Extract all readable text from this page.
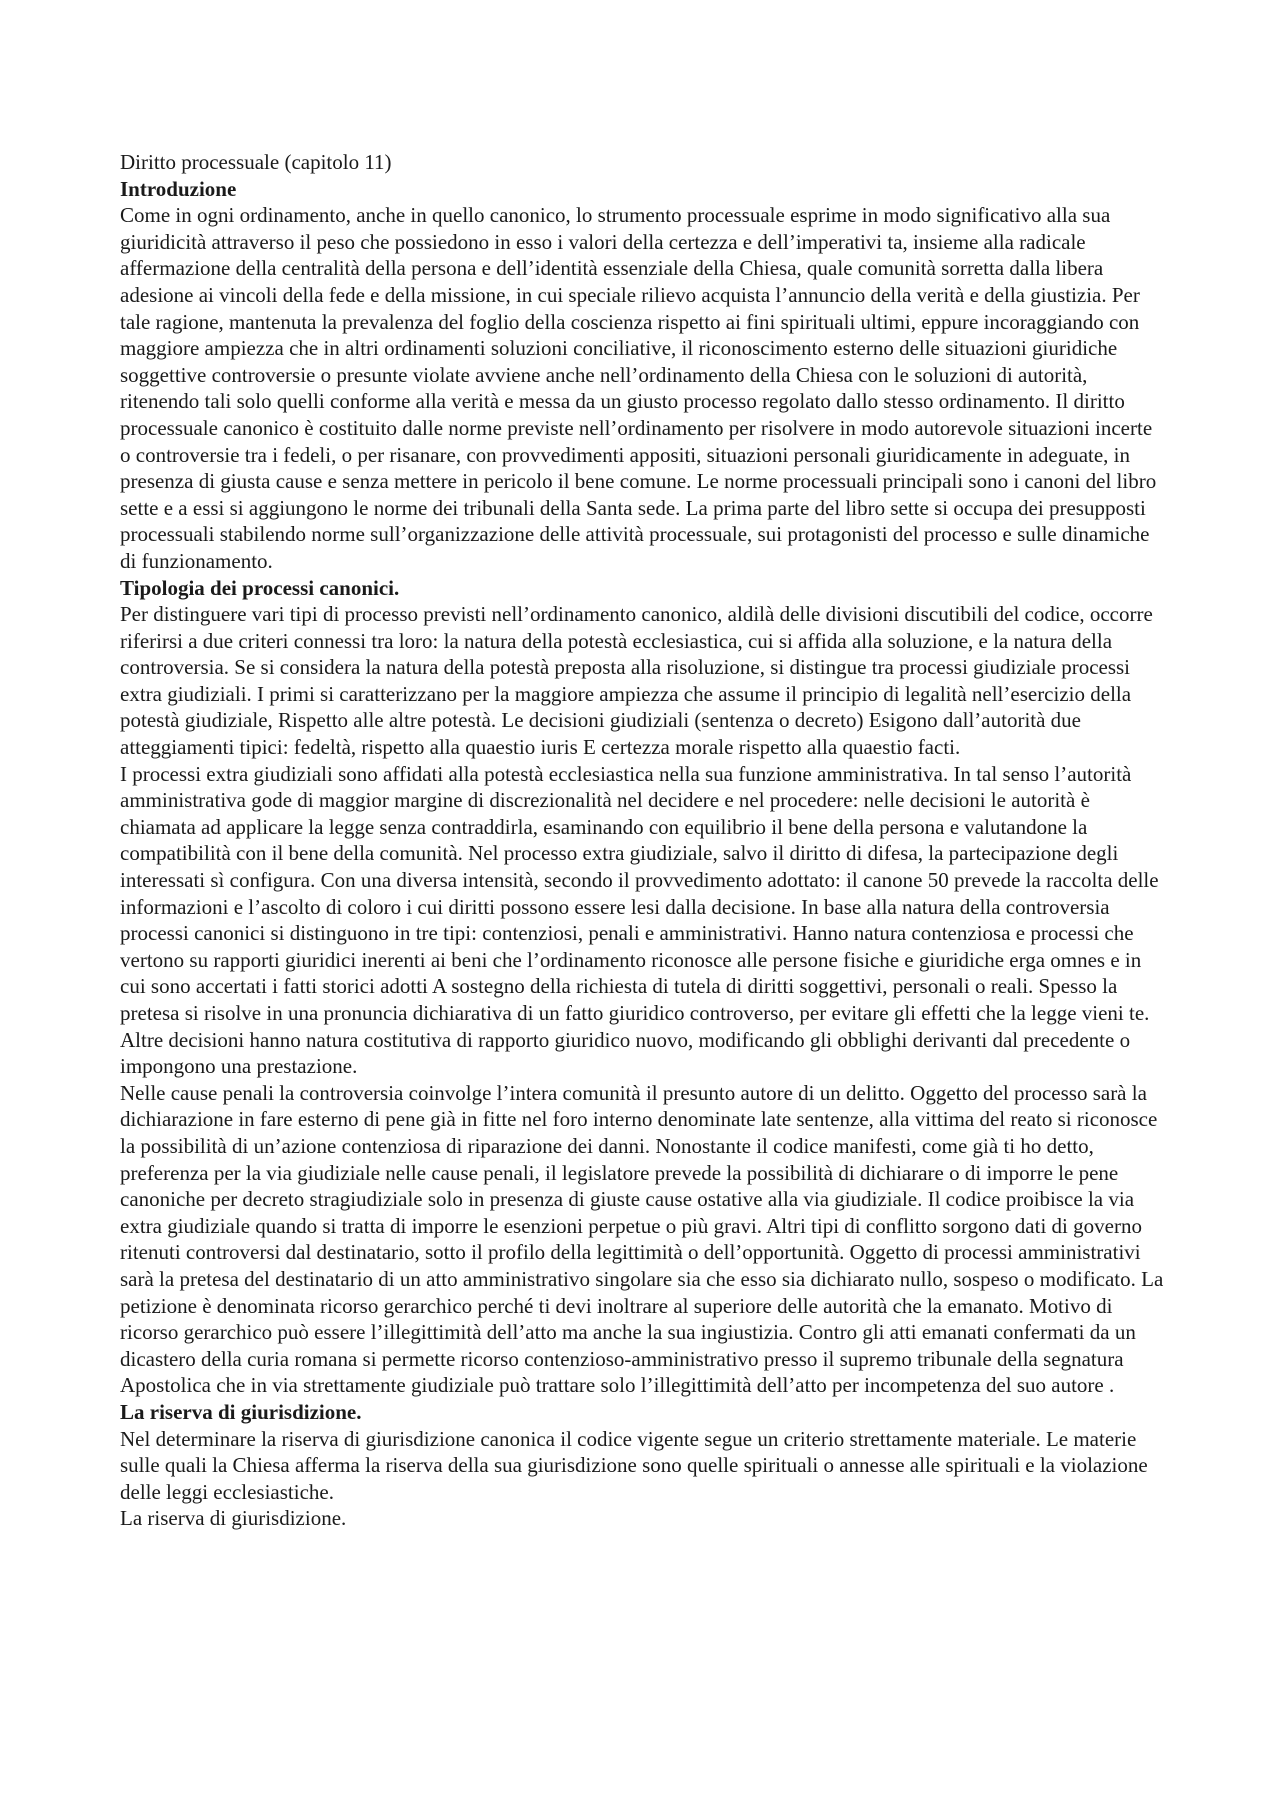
Diritto processuale (capitolo 11)

Introduzione

Come in ogni ordinamento, anche in quello canonico, lo strumento processuale esprime in modo significativo alla sua giuridicità attraverso il peso che possiedono in esso i valori della certezza e dell’imperativi ta, insieme alla radicale affermazione della centralità della persona e dell’identità essenziale della Chiesa, quale comunità sorretta dalla libera adesione ai vincoli della fede e della missione, in cui speciale rilievo acquista l’annuncio della verità e della giustizia. Per tale ragione, mantenuta la prevalenza del foglio della coscienza rispetto ai fini spirituali ultimi, eppure incoraggiando con maggiore ampiezza che in altri ordinamenti soluzioni conciliative, il riconoscimento esterno delle situazioni giuridiche soggettive controversie o presunte violate avviene anche nell’ordinamento della Chiesa con le soluzioni di autorità, ritenendo tali solo quelli conforme alla verità e messa da un giusto processo regolato dallo stesso ordinamento. Il diritto processuale canonico è costituito dalle norme previste nell’ordinamento per risolvere in modo autorevole situazioni incerte o controversie tra i fedeli, o per risanare, con provvedimenti appositi, situazioni personali giuridicamente in adeguate, in presenza di giusta cause e senza mettere in pericolo il bene comune. Le norme processuali principali sono i canoni del libro sette e a essi si aggiungono le norme dei tribunali della Santa sede. La prima parte del libro sette si occupa dei presupposti processuali stabilendo norme sull’organizzazione delle attività processuale, sui protagonisti del processo e sulle dinamiche di funzionamento.

Tipologia dei processi canonici.

Per distinguere vari tipi di processo previsti nell’ordinamento canonico, aldilà delle divisioni discutibili del codice, occorre riferirsi a due criteri connessi tra loro: la natura della potestà ecclesiastica, cui si affida alla soluzione, e la natura della controversia. Se si considera la natura della potestà preposta alla risoluzione, si distingue tra processi giudiziale processi extra giudiziali. I primi si caratterizzano per la maggiore ampiezza che assume il principio di legalità nell’esercizio della potestà giudiziale, Rispetto alle altre potestà. Le decisioni giudiziali (sentenza o decreto) Esigono dall’autorità due atteggiamenti tipici: fedeltà, rispetto alla quaestio iuris E certezza morale rispetto alla quaestio facti.

I processi extra giudiziali sono affidati alla potestà ecclesiastica nella sua funzione amministrativa. In tal senso l’autorità amministrativa gode di maggior margine di discrezionalità nel decidere e nel procedere: nelle decisioni le autorità è chiamata ad applicare la legge senza contraddirla, esaminando con equilibrio il bene della persona e valutandone la compatibilità con il bene della comunità. Nel processo extra giudiziale, salvo il diritto di difesa, la partecipazione degli interessati sì configura. Con una diversa intensità, secondo il provvedimento adottato: il canone 50 prevede la raccolta delle informazioni e l’ascolto di coloro i cui diritti possono essere lesi dalla decisione. In base alla natura della controversia processi canonici si distinguono in tre tipi: contenziosi, penali e amministrativi. Hanno natura contenziosa e processi che vertono su rapporti giuridici inerenti ai beni che l’ordinamento riconosce alle persone fisiche e giuridiche erga omnes e in cui sono accertati i fatti storici adotti A sostegno della richiesta di tutela di diritti soggettivi, personali o reali. Spesso la pretesa si risolve in una pronuncia dichiarativa di un fatto giuridico controverso, per evitare gli effetti che la legge vieni te. Altre decisioni hanno natura costitutiva di rapporto giuridico nuovo, modificando gli obblighi derivanti dal precedente o impongono una prestazione.

Nelle cause penali la controversia coinvolge l’intera comunità il presunto autore di un delitto. Oggetto del processo sarà la dichiarazione in fare esterno di pene già in fitte nel foro interno denominate late sentenze, alla vittima del reato si riconosce la possibilità di un’azione contenziosa di riparazione dei danni. Nonostante il codice manifesti, come già ti ho detto, preferenza per la via giudiziale nelle cause penali, il legislatore prevede la possibilità di dichiarare o di imporre le pene canoniche per decreto stragiudiziale solo in presenza di giuste cause ostative alla via giudiziale. Il codice proibisce la via extra giudiziale quando si tratta di imporre le esenzioni perpetue o più gravi. Altri tipi di conflitto sorgono dati di governo ritenuti controversi dal destinatario, sotto il profilo della legittimità o dell’opportunità. Oggetto di processi amministrativi sarà la pretesa del destinatario di un atto amministrativo singolare sia che esso sia dichiarato nullo, sospeso o modificato. La petizione è denominata ricorso gerarchico perché ti devi inoltrare al superiore delle autorità che la emanato. Motivo di ricorso gerarchico può essere l’illegittimità dell’atto ma anche la sua ingiustizia. Contro gli atti emanati confermati da un dicastero della curia romana si permette ricorso contenzioso-amministrativo presso il supremo tribunale della segnatura Apostolica che in via strettamente giudiziale può trattare solo l’illegittimità dell’atto per incompetenza del suo autore .

La riserva di giurisdizione.

Nel determinare la riserva di giurisdizione canonica il codice vigente segue un criterio strettamente materiale. Le materie sulle quali la Chiesa afferma la riserva della sua giurisdizione sono quelle spirituali o annesse alle spirituali e la violazione delle leggi ecclesiastiche.

La riserva di giurisdizione.
